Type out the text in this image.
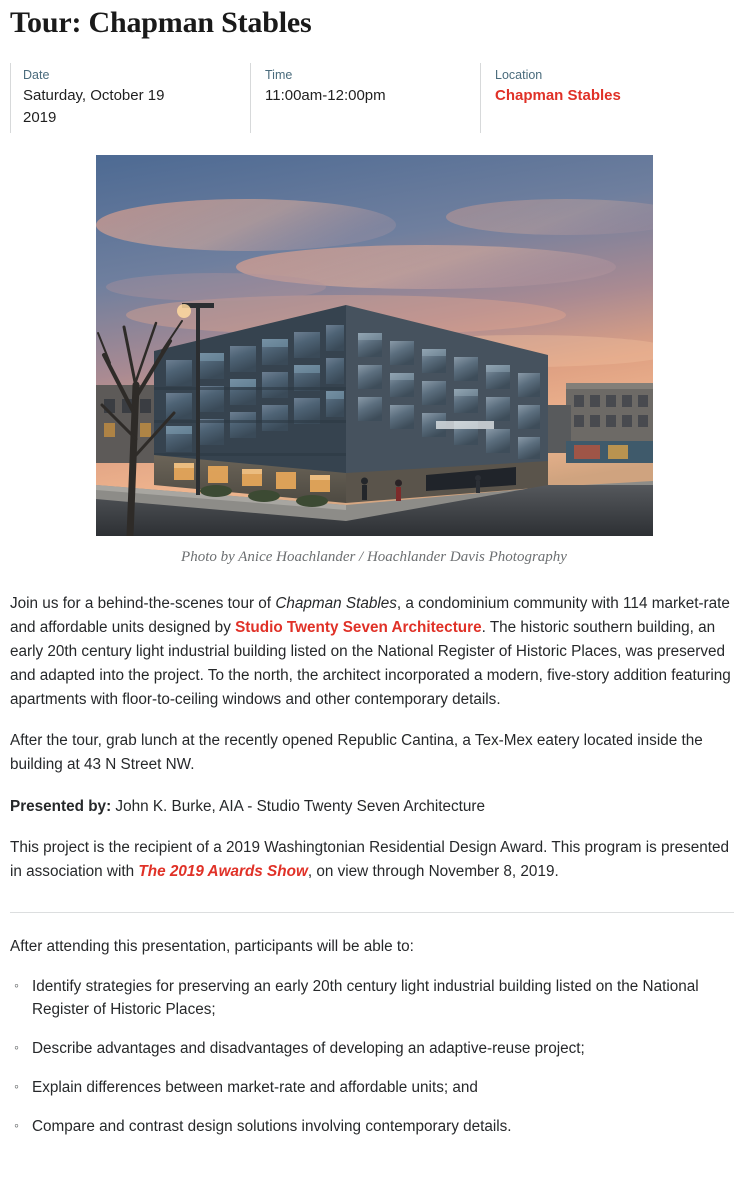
Tour: Chapman Stables
Date
Saturday, October 19 2019
Time
11:00am-12:00pm
Location
Chapman Stables
Photo by Anice Hoachlander / Hoachlander Davis Photography

Join us for a behind-the-scenes tour of Chapman Stables, a condominium community with 114 market-rate and affordable units designed by Studio Twenty Seven Architecture. The historic southern building, an early 20th century light industrial building listed on the National Register of Historic Places, was preserved and adapted into the project. To the north, the architect incorporated a modern, five-story addition featuring apartments with floor-to-ceiling windows and other contemporary details.

After the tour, grab lunch at the recently opened Republic Cantina, a Tex-Mex eatery located inside the building at 43 N Street NW.

Presented by: John K. Burke, AIA - Studio Twenty Seven Architecture

This project is the recipient of a 2019 Washingtonian Residential Design Award. This program is presented in association with The 2019 Awards Show, on view through November 8, 2019.

After attending this presentation, participants will be able to:

◦ Identify strategies for preserving an early 20th century light industrial building listed on the National Register of Historic Places;
◦ Describe advantages and disadvantages of developing an adaptive-reuse project;
◦ Explain differences between market-rate and affordable units; and
◦ Compare and contrast design solutions involving contemporary details.
